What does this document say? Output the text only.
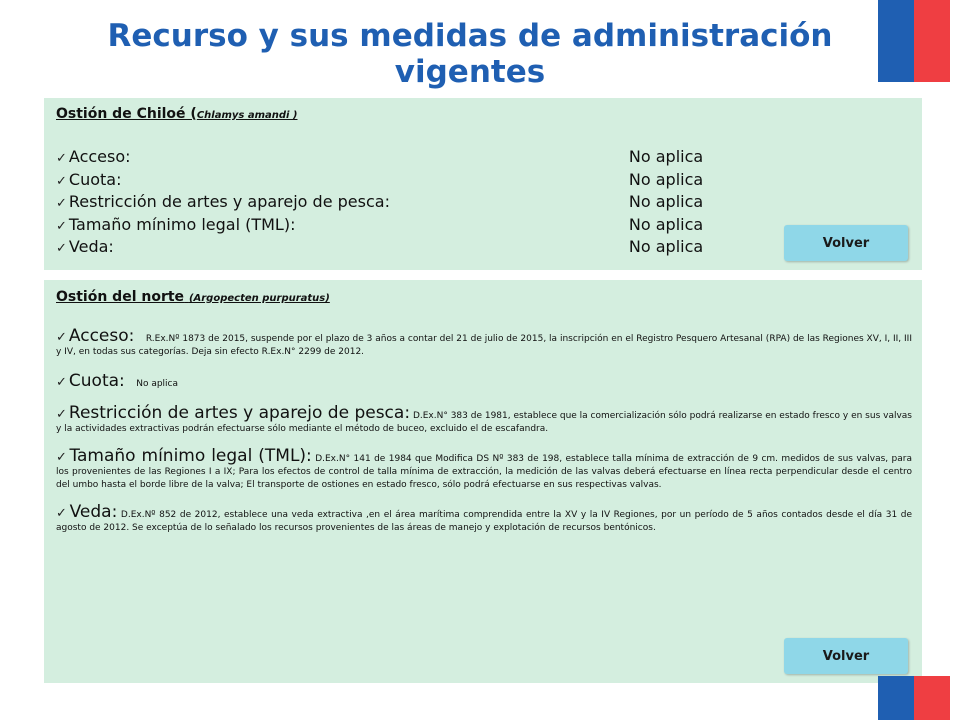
Recurso y sus medidas de administración vigentes
Ostión de Chiloé (Chlamys amandi )
✓ Acceso:	No aplica
✓ Cuota:	No aplica
✓ Restricción de artes y aparejo de pesca:	No aplica
✓ Tamaño mínimo legal (TML):	No aplica
✓ Veda:	No aplica	Volver
Ostión del norte (Argopecten purpuratus)
✓ Acceso: R.Ex.Nº 1873 de 2015, suspende por el plazo de 3 años a contar del 21 de julio de 2015, la inscripción en el Registro Pesquero Artesanal (RPA) de las Regiones XV, I, II, III y IV, en todas sus categorías. Deja sin efecto R.Ex.N° 2299 de 2012.
✓ Cuota: No aplica
✓ Restricción de artes y aparejo de pesca: D.Ex.N° 383 de 1981, establece que la comercialización sólo podrá realizarse en estado fresco y en sus valvas y la actividades extractivas podrán efectuarse sólo mediante el método de buceo, excluido el de escafandra.
✓ Tamaño mínimo legal (TML): D.Ex.N° 141 de 1984 que Modifica DS Nº 383 de 198, establece talla mínima de extracción de 9 cm. medidos de sus valvas, para los provenientes de las Regiones I a IX; Para los efectos de control de talla mínima de extracción, la medición de las valvas deberá efectuarse en línea recta perpendicular desde el centro del umbo hasta el borde libre de la valva; El transporte de ostiones en estado fresco, sólo podrá efectuarse en sus respectivas valvas.
✓ Veda: D.Ex.Nº 852 de 2012, establece una veda extractiva ,en el área marítima comprendida entre la XV y la IV Regiones, por un período de 5 años contados desde el día 31 de agosto de 2012. Se exceptúa de lo señalado los recursos provenientes de las áreas de manejo y explotación de recursos bentónicos.
Volver
